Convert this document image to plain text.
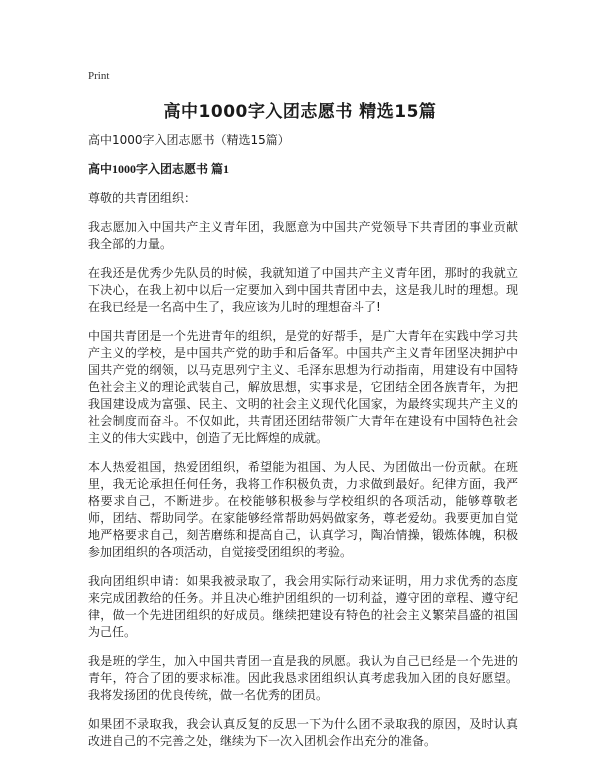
Print
高中1000字入团志愿书 精选15篇

高中1000字入团志愿书（精选15篇）

高中1000字入团志愿书 篇1

尊敬的共青团组织：

我志愿加入中国共产主义青年团，我愿意为中国共产党领导下共青团的事业贡献我全部的力量。

在我还是优秀少先队员的时候，我就知道了中国共产主义青年团，那时的我就立下决心，在我上初中以后一定要加入到中国共青团中去，这是我儿时的理想。现在我已经是一名高中生了，我应该为儿时的理想奋斗了!

中国共青团是一个先进青年的组织，是党的好帮手，是广大青年在实践中学习共产主义的学校，是中国共产党的助手和后备军。中国共产主义青年团坚决拥护中国共产党的纲领，以马克思列宁主义、毛泽东思想为行动指南，用建设有中国特色社会主义的理论武装自己，解放思想，实事求是，它团结全团各族青年，为把我国建设成为富强、民主、文明的社会主义现代化国家，为最终实现共产主义的社会制度而奋斗。不仅如此，共青团还团结带领广大青年在建设有中国特色社会主义的伟大实践中，创造了无比辉煌的成就。

本人热爱祖国，热爱团组织，希望能为祖国、为人民、为团做出一份贡献。在班里，我无论承担任何任务，我将工作积极负责，力求做到最好。纪律方面，我严格要求自己，不断进步。在校能够积极参与学校组织的各项活动，能够尊敬老师，团结、帮助同学。在家能够经常帮助妈妈做家务，尊老爱幼。我要更加自觉地严格要求自己，刻苦磨练和提高自己，认真学习，陶冶情操，锻炼体魄，积极参加团组织的各项活动，自觉接受团组织的考验。

我向团组织申请：如果我被录取了，我会用实际行动来证明，用力求优秀的态度来完成团教给的任务。并且决心维护团组织的一切利益，遵守团的章程、遵守纪律，做一个先进团组织的好成员。继续把建设有特色的社会主义繁荣昌盛的祖国为己任。

我是班的学生，加入中国共青团一直是我的夙愿。我认为自己已经是一个先进的青年，符合了团的要求标准。因此我恳求团组织认真考虑我加入团的良好愿望。我将发扬团的优良传统，做一名优秀的团员。

如果团不录取我，我会认真反复的反思一下为什么团不录取我的原因，及时认真改进自己的不完善之处，继续为下一次入团机会作出充分的准备。
